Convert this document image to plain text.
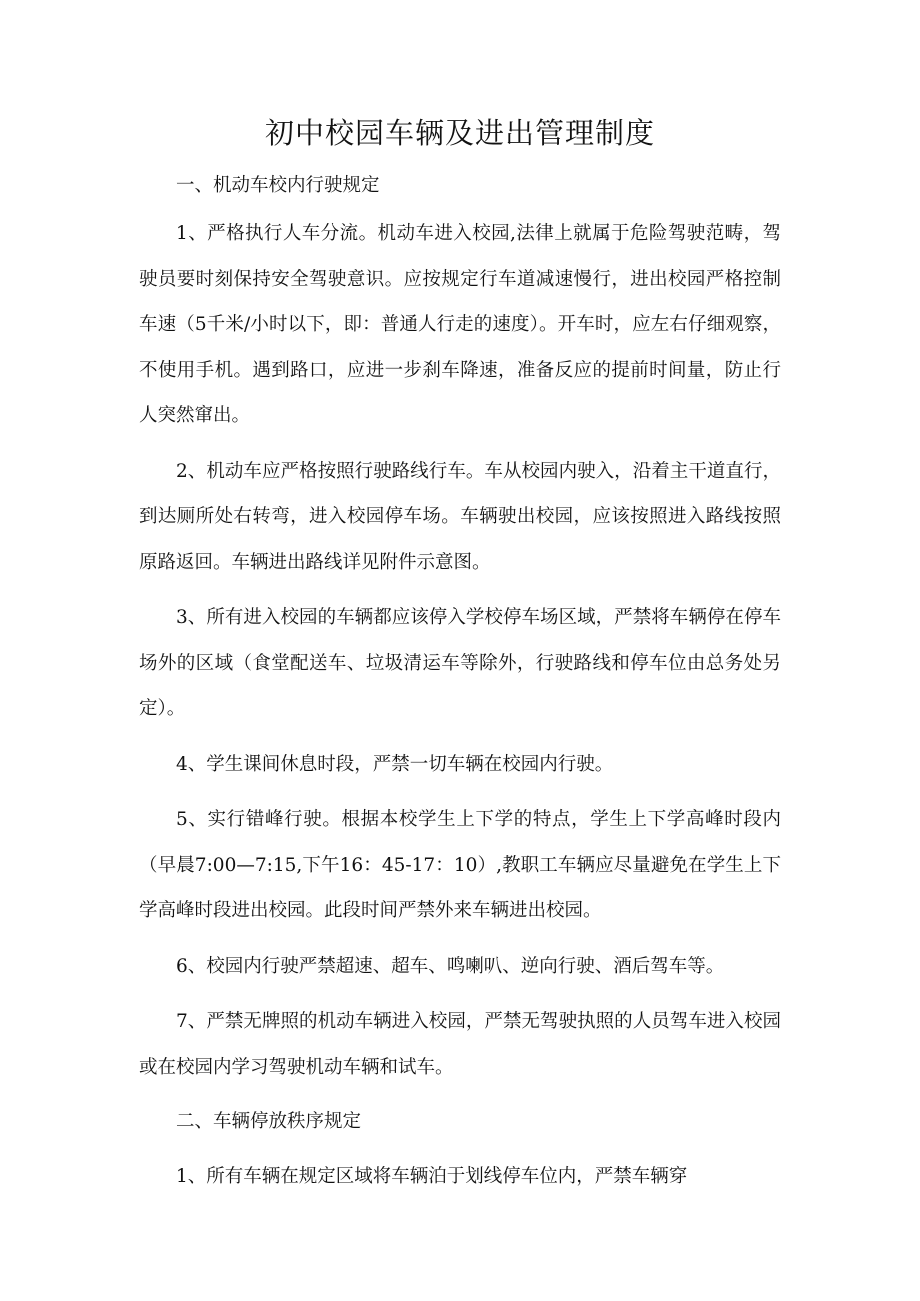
初中校园车辆及进出管理制度

一、机动车校内行驶规定

1、严格执行人车分流。机动车进入校园,法律上就属于危险驾驶范畴，驾驶员要时刻保持安全驾驶意识。应按规定行车道减速慢行，进出校园严格控制车速（5千米/小时以下，即：普通人行走的速度）。开车时，应左右仔细观察，不使用手机。遇到路口，应进一步刹车降速，准备反应的提前时间量，防止行人突然窜出。

2、机动车应严格按照行驶路线行车。车从校园内驶入，沿着主干道直行，到达厕所处右转弯，进入校园停车场。车辆驶出校园，应该按照进入路线按照原路返回。车辆进出路线详见附件示意图。

3、所有进入校园的车辆都应该停入学校停车场区域，严禁将车辆停在停车场外的区域（食堂配送车、垃圾清运车等除外，行驶路线和停车位由总务处另定）。

4、学生课间休息时段，严禁一切车辆在校园内行驶。

5、实行错峰行驶。根据本校学生上下学的特点，学生上下学高峰时段内（早晨7:00—7:15,下午16：45-17：10）,教职工车辆应尽量避免在学生上下学高峰时段进出校园。此段时间严禁外来车辆进出校园。

6、校园内行驶严禁超速、超车、鸣喇叭、逆向行驶、酒后驾车等。

7、严禁无牌照的机动车辆进入校园，严禁无驾驶执照的人员驾车进入校园或在校园内学习驾驶机动车辆和试车。

二、车辆停放秩序规定

1、所有车辆在规定区域将车辆泊于划线停车位内，严禁车辆穿
